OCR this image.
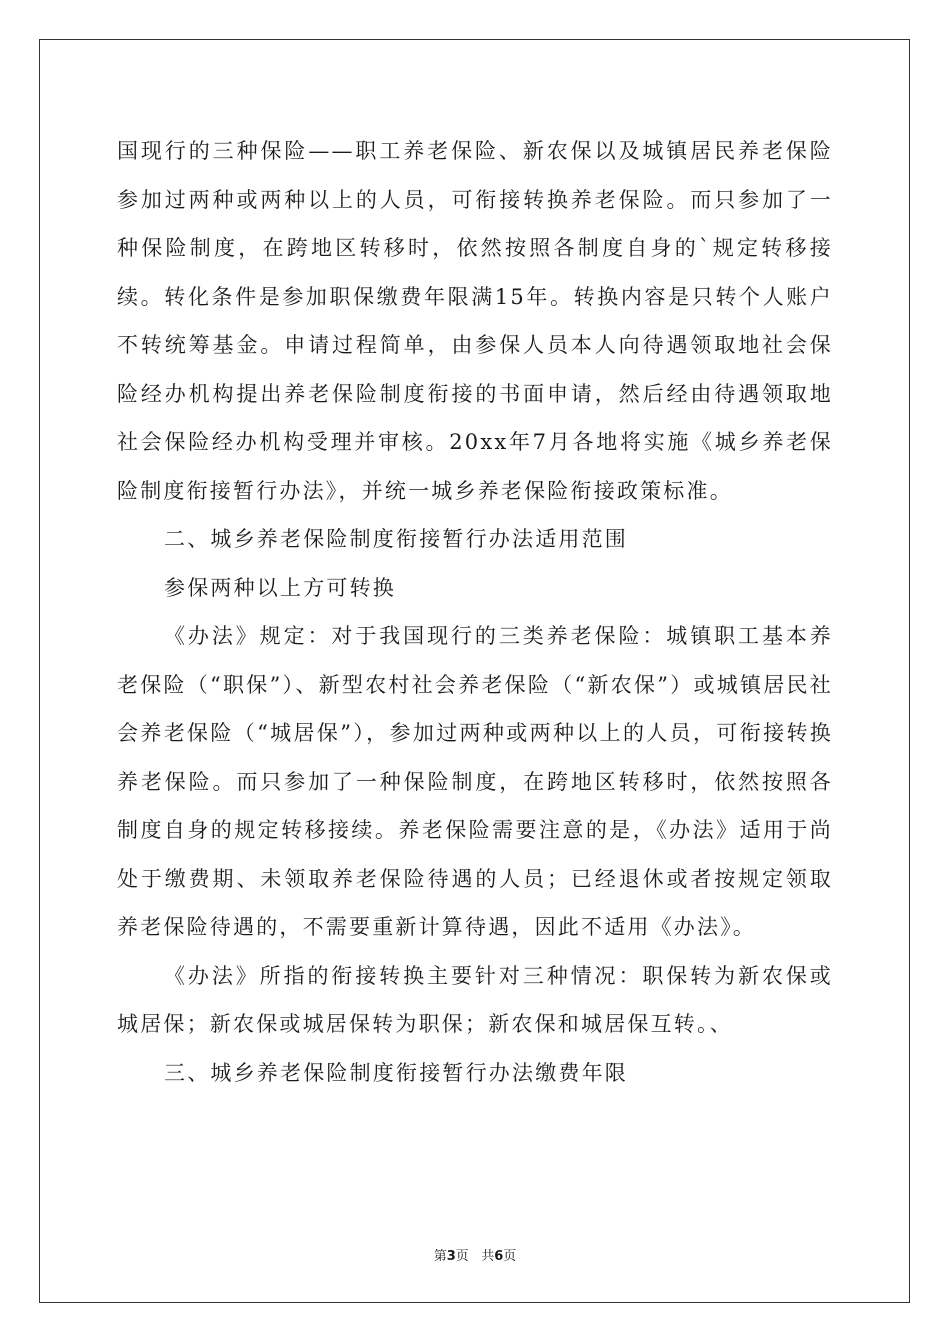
国现行的三种保险——职工养老保险、新农保以及城镇居民养老保险参加过两种或两种以上的人员，可衔接转换养老保险。而只参加了一种保险制度，在跨地区转移时，依然按照各制度自身的`规定转移接续。转化条件是参加职保缴费年限满15年。转换内容是只转个人账户不转统筹基金。申请过程简单，由参保人员本人向待遇领取地社会保险经办机构提出养老保险制度衔接的书面申请，然后经由待遇领取地社会保险经办机构受理并审核。20xx年7月各地将实施《城乡养老保险制度衔接暂行办法》，并统一城乡养老保险衔接政策标准。

二、城乡养老保险制度衔接暂行办法适用范围

参保两种以上方可转换

《办法》规定：对于我国现行的三类养老保险：城镇职工基本养老保险（“职保”）、新型农村社会养老保险（“新农保”）或城镇居民社会养老保险（“城居保”），参加过两种或两种以上的人员，可衔接转换养老保险。而只参加了一种保险制度，在跨地区转移时，依然按照各制度自身的规定转移接续。养老保险需要注意的是，《办法》适用于尚处于缴费期、未领取养老保险待遇的人员；已经退休或者按规定领取养老保险待遇的，不需要重新计算待遇，因此不适用《办法》。

《办法》所指的衔接转换主要针对三种情况：职保转为新农保或城居保；新农保或城居保转为职保；新农保和城居保互转。、

三、城乡养老保险制度衔接暂行办法缴费年限

第3页 共6页
